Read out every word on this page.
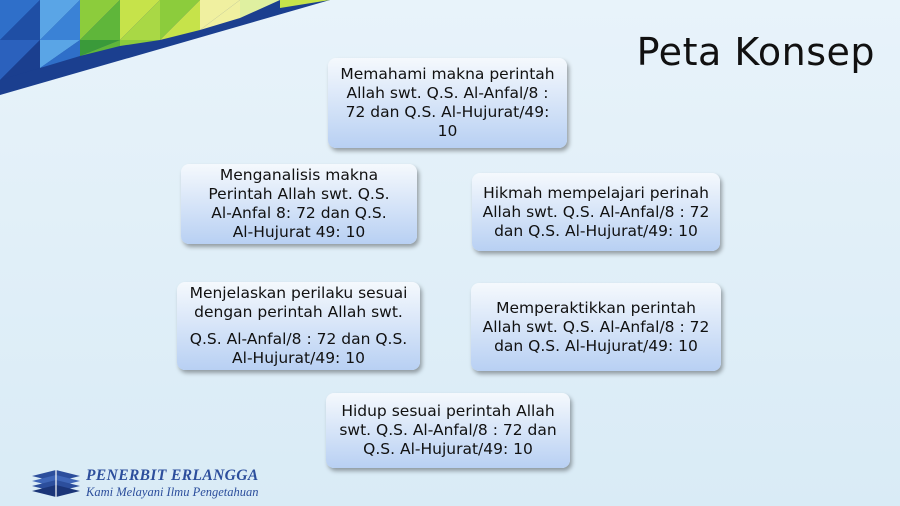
Peta Konsep
Memahami makna perintah
Allah swt. Q.S. Al-Anfal/8 :
72 dan Q.S. Al-Hujurat/49:
10
Menganalisis makna
Perintah Allah swt. Q.S.
Al-Anfal 8: 72 dan Q.S.
Al-Hujurat 49: 10
Hikmah mempelajari perinah
Allah swt. Q.S. Al-Anfal/8 : 72
dan Q.S. Al-Hujurat/49: 10
Menjelaskan perilaku sesuai
dengan perintah Allah swt.
Q.S. Al-Anfal/8 : 72 dan Q.S.
Al-Hujurat/49: 10
Memperaktikkan perintah
Allah swt. Q.S. Al-Anfal/8 : 72
dan Q.S. Al-Hujurat/49: 10
Hidup sesuai perintah Allah
swt. Q.S. Al-Anfal/8 : 72 dan
Q.S. Al-Hujurat/49: 10
PENERBIT ERLANGGA
Kami Melayani Ilmu Pengetahuan
